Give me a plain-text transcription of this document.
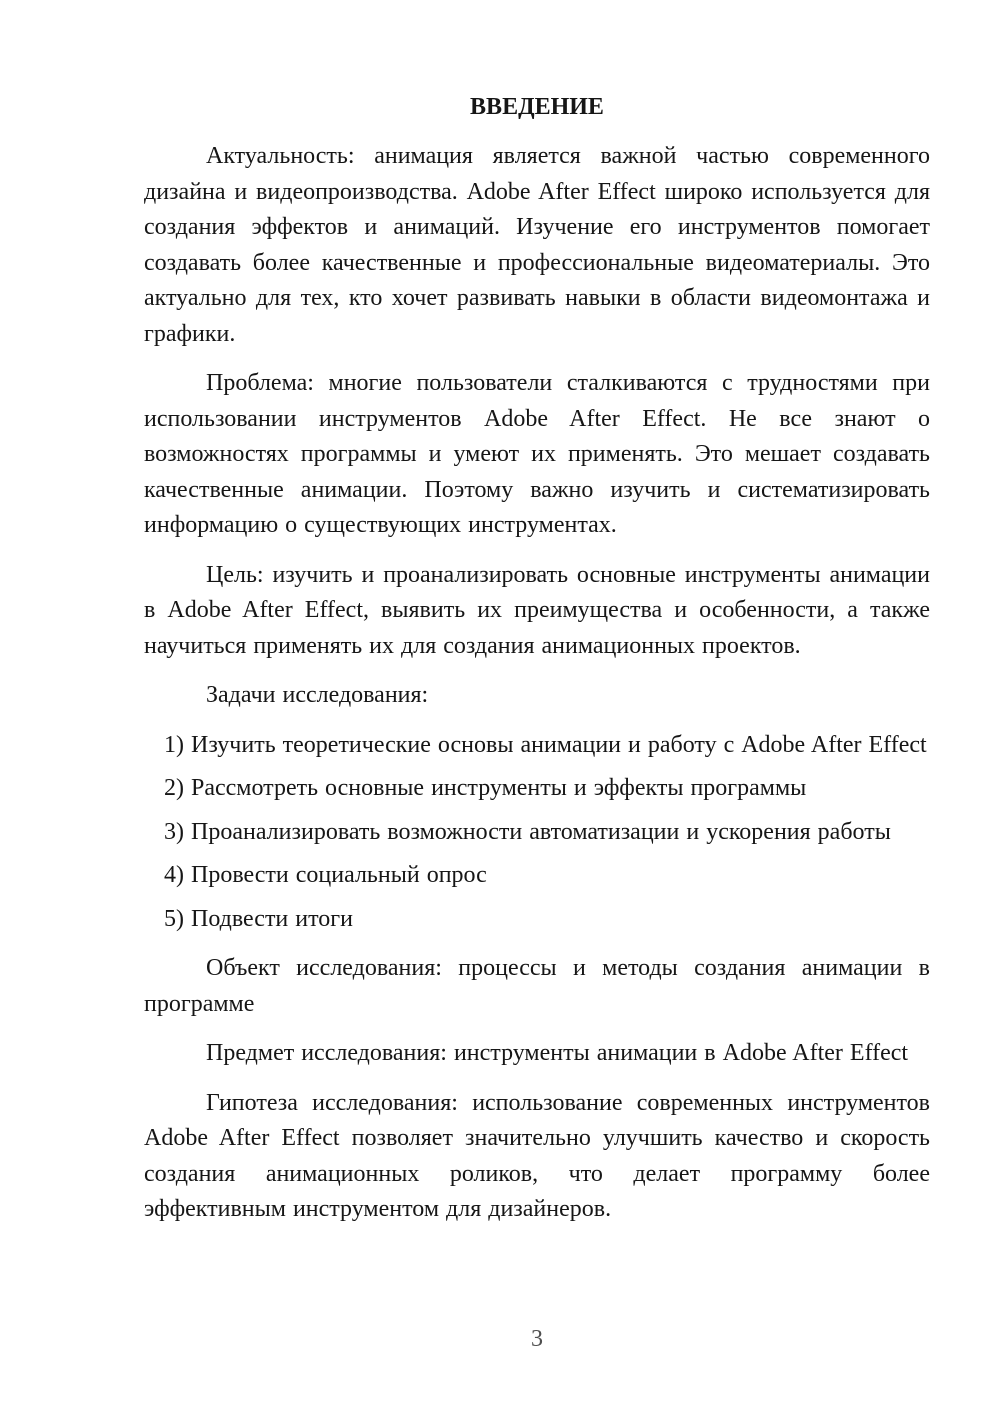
ВВЕДЕНИЕ

Актуальность: анимация является важной частью современного дизайна и видеопроизводства. Adobe After Effect широко используется для создания эффектов и анимаций. Изучение его инструментов помогает создавать более качественные и профессиональные видеоматериалы. Это актуально для тех, кто хочет развивать навыки в области видеомонтажа и графики.

Проблема: многие пользователи сталкиваются с трудностями при использовании инструментов Adobe After Effect. Не все знают о возможностях программы и умеют их применять. Это мешает создавать качественные анимации. Поэтому важно изучить и систематизировать информацию о существующих инструментах.

Цель: изучить и проанализировать основные инструменты анимации в Adobe After Effect, выявить их преимущества и особенности, а также научиться применять их для создания анимационных проектов.

Задачи исследования:

1) Изучить теоретические основы анимации и работу с Adobe After Effect

2) Рассмотреть основные инструменты и эффекты программы

3) Проанализировать возможности автоматизации и ускорения работы

4) Провести социальный опрос

5) Подвести итоги

Объект исследования: процессы и методы создания анимации в программе

Предмет исследования: инструменты анимации в Adobe After Effect

Гипотеза исследования: использование современных инструментов Adobe After Effect позволяет значительно улучшить качество и скорость создания анимационных роликов, что делает программу более эффективным инструментом для дизайнеров.

3
